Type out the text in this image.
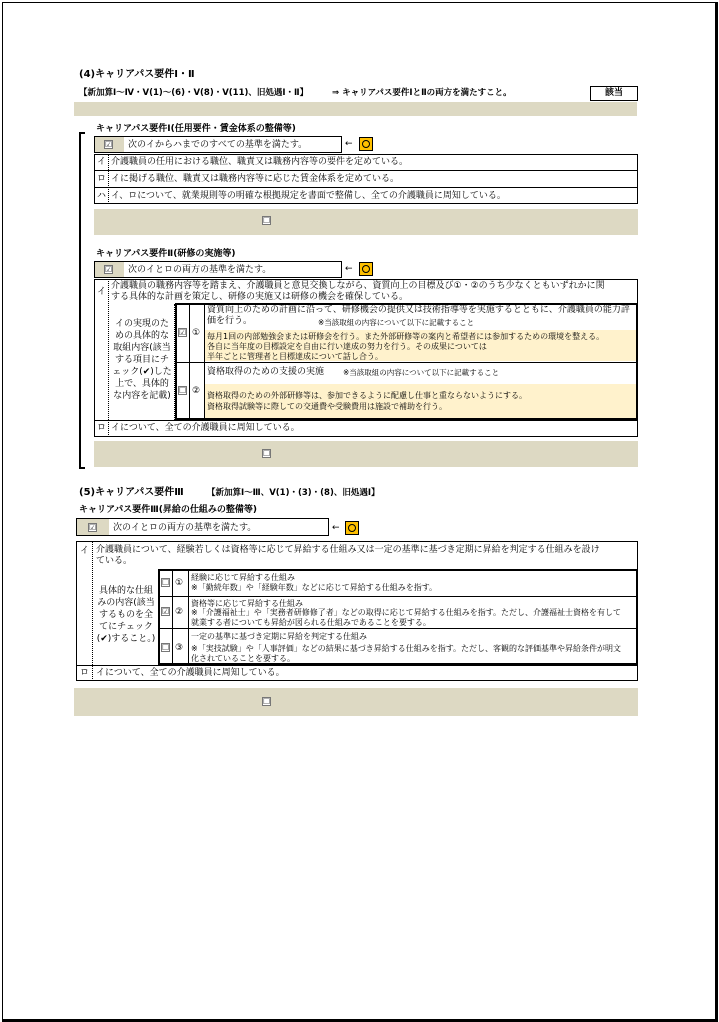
(4)キャリアパス要件Ⅰ・Ⅱ
【新加算Ⅰ～Ⅳ・Ⅴ(1)～(6)・Ⅴ(8)・Ⅴ(11)、旧処遇Ⅰ・Ⅱ】	⇒ キャリアパス要件ⅠとⅡの両方を満たすこと。	該当
キャリアパス要件Ⅰ(任用要件・賃金体系の整備等)
☑ 次のイからハまでのすべての基準を満たす。	←
イ 介護職員の任用における職位、職責又は職務内容等の要件を定めている。
ロ イに掲げる職位、職責又は職務内容等に応じた賃金体系を定めている。
ハ イ、ロについて、就業規則等の明確な根拠規定を書面で整備し、全ての介護職員に周知している。
☐
キャリアパス要件Ⅱ(研修の実施等)
☑ 次のイとロの両方の基準を満たす。	←
イ
介護職員の職務内容等を踏まえ、介護職員と意見交換しながら、資質向上の目標及び①・②のうち少なくともいずれかに関
する具体的な計画を策定し、研修の実施又は研修の機会を確保している。
イの実現のための具体的な取組内容(該当する項目にチェック(✔)した上で、具体的な内容を記載)
☑ ①
資質向上のための計画に沿って、研修機会の提供又は技術指導等を実施するとともに、介護職員の能力評価を行う。	※当該取組の内容について以下に記載すること
毎月1回の内部勉強会または研修会を行う。また外部研修等の案内と希望者には参加するための環境を整える。
各自に当年度の目標設定を自由に行い達成の努力を行う。その成果については
半年ごとに管理者と目標達成について話し合う。
☐ ②
資格取得のための支援の実施	※当該取組の内容について以下に記載すること
資格取得のための外部研修等は、参加できるように配慮し仕事と重ならないようにする。
資格取得試験等に際しての交通費や受験費用は施設で補助を行う。
ロ イについて、全ての介護職員に周知している。
☐
(5)キャリアパス要件Ⅲ	【新加算Ⅰ～Ⅲ、Ⅴ(1)・(3)・(8)、旧処遇Ⅰ】
キャリアパス要件Ⅲ(昇給の仕組みの整備等)
☑ 次のイとロの両方の基準を満たす。	←
イ 介護職員について、経験若しくは資格等に応じて昇給する仕組み又は一定の基準に基づき定期に昇給を判定する仕組みを設け
ている。
具体的な仕組みの内容(該当するものを全てにチェック(✔)すること。)
☐ ①
経験に応じて昇給する仕組み
※「勤続年数」や「経験年数」などに応じて昇給する仕組みを指す。
☑ ②
資格等に応じて昇給する仕組み
※「介護福祉士」や「実務者研修修了者」などの取得に応じて昇給する仕組みを指す。ただし、介護福祉士資格を有して
就業する者についても昇給が図られる仕組みであることを要する。
☐ ③
一定の基準に基づき定期に昇給を判定する仕組み
※「実技試験」や「人事評価」などの結果に基づき昇給する仕組みを指す。ただし、客観的な評価基準や昇給条件が明文
化されていることを要する。
ロ イについて、全ての介護職員に周知している。
☐
